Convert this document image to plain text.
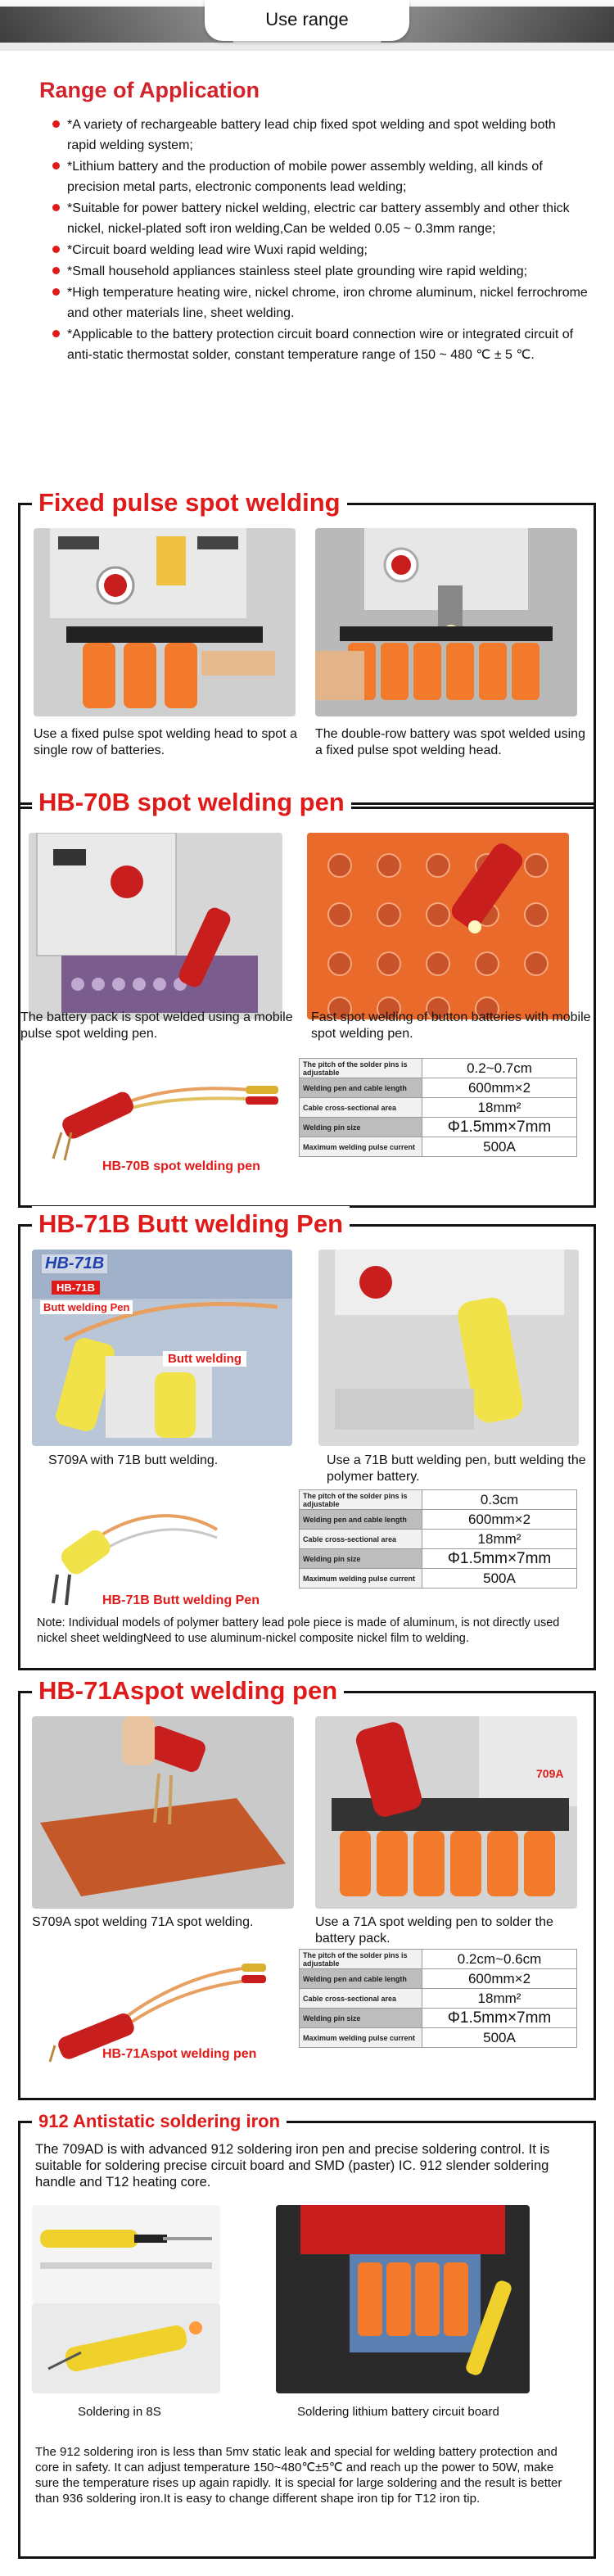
Use range
Range of Application
*A variety of rechargeable battery lead chip fixed spot welding and spot welding both rapid welding system;
*Lithium battery and the production of mobile power assembly welding, all kinds of precision metal parts, electronic components lead welding;
*Suitable for power battery nickel welding, electric car battery assembly and other thick nickel, nickel-plated soft iron welding,Can be welded 0.05 ~ 0.3mm range;
*Circuit board welding lead wire Wuxi rapid welding;
*Small household appliances stainless steel plate grounding wire rapid welding;
*High temperature heating wire, nickel chrome, iron chrome aluminum, nickel ferrochrome and other materials line, sheet welding.
*Applicable to the battery protection circuit board connection wire or integrated circuit of anti-static thermostat solder, constant temperature range of 150 ~ 480 ℃ ± 5 ℃.
Fixed pulse spot welding
Use a fixed pulse spot welding head to spot a single row of batteries.
The double-row battery was spot welded using a fixed pulse spot welding head.
HB-70B spot welding pen
The battery pack is spot welded using a mobile pulse spot welding pen.
Fast spot welding of button batteries with mobile spot welding pen.
HB-70B spot welding pen
The pitch of the solder pins is adjustable	0.2~0.7cm
Welding pen and cable length	600mm×2
Cable cross-sectional area	18mm²
Welding pin size	Φ1.5mm×7mm
Maximum welding pulse current	500A
HB-71B Butt welding Pen
HB-71B
HB-71B
Butt welding Pen
Butt welding
S709A with 71B butt welding.	Use a 71B butt welding pen, butt welding the polymer battery.
HB-71B Butt welding Pen
The pitch of the solder pins is adjustable	0.3cm
Welding pen and cable length	600mm×2
Cable cross-sectional area	18mm²
Welding pin size	Φ1.5mm×7mm
Maximum welding pulse current	500A
Note: Individual models of polymer battery lead pole piece is made of aluminum, is not directly used nickel sheet weldingNeed to use aluminum-nickel composite nickel film to welding.
HB-71Aspot welding pen
709A
S709A spot welding 71A spot welding.	Use a 71A spot welding pen to solder the battery pack.
HB-71Aspot welding pen
The pitch of the solder pins is adjustable	0.2cm~0.6cm
Welding pen and cable length	600mm×2
Cable cross-sectional area	18mm²
Welding pin size	Φ1.5mm×7mm
Maximum welding pulse current	500A
912 Antistatic soldering iron
The 709AD is with advanced 912 soldering iron pen and precise soldering control. It is suitable for soldering precise circuit board and SMD (paster) IC. 912 slender soldering handle and T12 heating core.
Soldering in 8S	Soldering lithium battery circuit board
The 912 soldering iron is less than 5mv static leak and special for welding battery protection and core in safety. It can adjust temperature 150~480℃±5℃ and reach up the power to 50W, make sure the temperature rises up again rapidly. It is special for large soldering and the result is better than 936 soldering iron.It is easy to change different shape iron tip for T12 iron tip.
